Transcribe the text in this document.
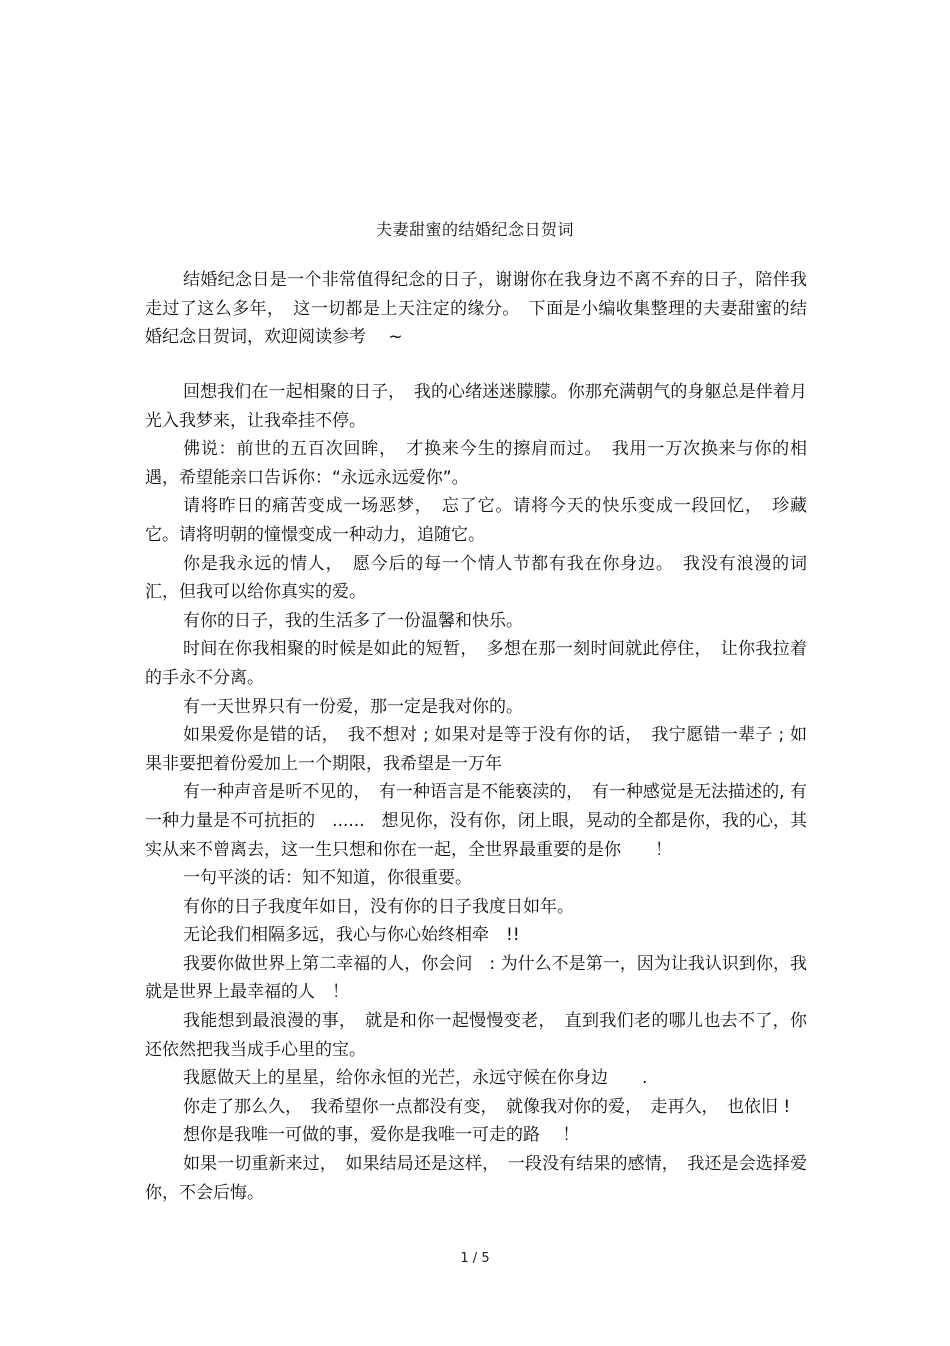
夫妻甜蜜的结婚纪念日贺词

结婚纪念日是一个非常值得纪念的日子，谢谢你在我身边不离不弃的日子，陪伴我走过了这么多年，　这一切都是上天注定的缘分。　下面是小编收集整理的夫妻甜蜜的结婚纪念日贺词，欢迎阅读参考　 ~

回想我们在一起相聚的日子，　我的心绪迷迷朦朦。你那充满朝气的身躯总是伴着月光入我梦来，让我牵挂不停。

佛说：前世的五百次回眸，　才换来今生的擦肩而过。　我用一万次换来与你的相遇，希望能亲口告诉你：“永远永远爱你”。

请将昨日的痛苦变成一场恶梦，　忘了它。请将今天的快乐变成一段回忆，　珍藏它。请将明朝的憧憬变成一种动力，追随它。

你是我永远的情人，　愿今后的每一个情人节都有我在你身边。　我没有浪漫的词汇，但我可以给你真实的爱。

有你的日子，我的生活多了一份温馨和快乐。

时间在你我相聚的时候是如此的短暂，　多想在那一刻时间就此停住，　让你我拉着的手永不分离。

有一天世界只有一份爱，那一定是我对你的。

如果爱你是错的话，　我不想对 ; 如果对是等于没有你的话，　我宁愿错一辈子 ; 如果非要把着份爱加上一个期限，我希望是一万年

有一种声音是听不见的，　有一种语言是不能亵渎的，　有一种感觉是无法描述的, 有一种力量是不可抗拒的　......　想见你，没有你，闭上眼，晃动的全都是你，我的心，其实从来不曾离去，这一生只想和你在一起，全世界最重要的是你　　！

一句平淡的话：知不知道，你很重要。

有你的日子我度年如日，没有你的日子我度日如年。

无论我们相隔多远，我心与你心始终相牵　!!

我要你做世界上第二幸福的人，你会问　: 为什么不是第一，因为让我认识到你，我就是世界上最幸福的人　！

我能想到最浪漫的事，　就是和你一起慢慢变老，　直到我们老的哪儿也去不了，你还依然把我当成手心里的宝。

我愿做天上的星星，给你永恒的光芒，永远守候在你身边　　.

你走了那么久，　我希望你一点都没有变，　就像我对你的爱，　走再久，　也依旧 !

想你是我唯一可做的事，爱你是我唯一可走的路　 ！

如果一切重新来过，　如果结局还是这样，　一段没有结果的感情，　我还是会选择爱你，不会后悔。

1 / 5
